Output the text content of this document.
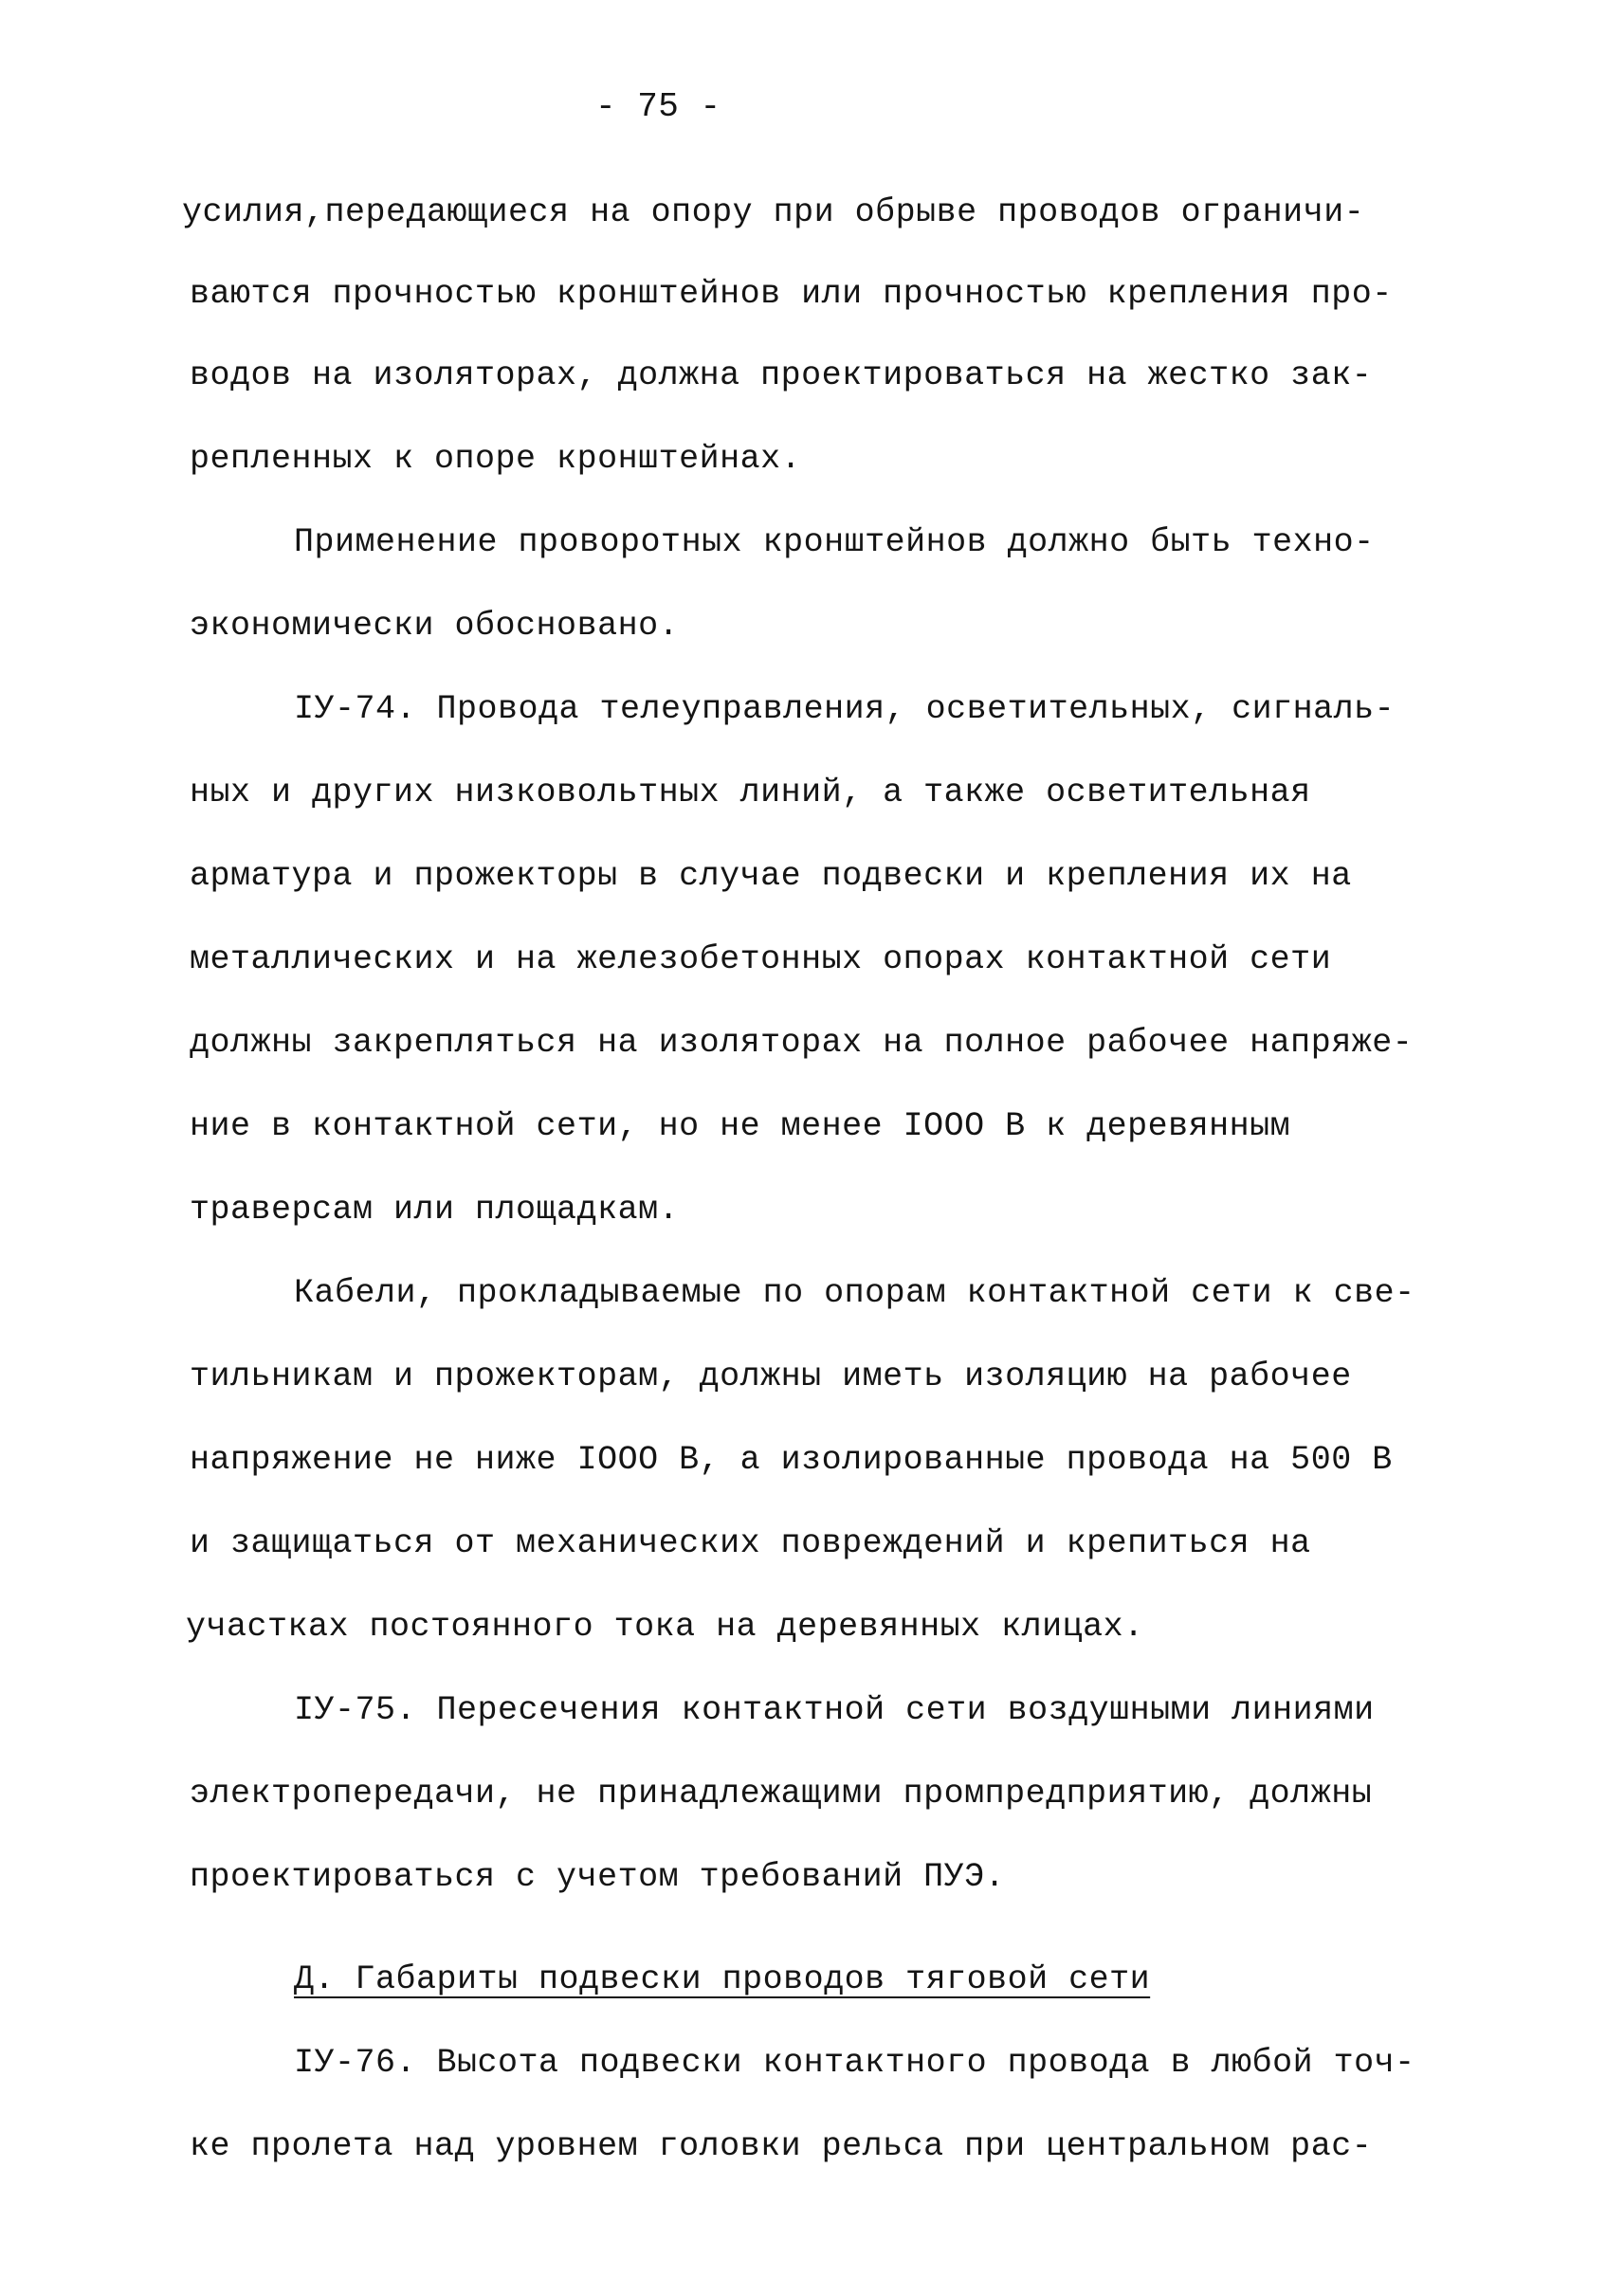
- 75 -
усилия,передающиеся на опору при обрыве проводов ограничи-
ваются прочностью кронштейнов или прочностью крепления про-
водов на изоляторах, должна проектироваться на жестко зак-
репленных к опоре кронштейнах.
Применение проворотных кронштейнов должно быть техно-
экономически обосновано.
IУ-74. Провода телеуправления, осветительных, сигналь-
ных и других низковольтных линий, а также осветительная
арматура и прожекторы в случае подвески и крепления их на
металлических и на железобетонных опорах контактной сети
должны закрепляться на изоляторах на полное рабочее напряже-
ние в контактной сети, но не менее IOOO В к деревянным
траверсам или площадкам.
Кабели, прокладываемые по опорам контактной сети к све-
тильникам и прожекторам, должны иметь изоляцию на рабочее
напряжение не ниже IOOO В, а изолированные провода на 500 В
и защищаться от механических повреждений и крепиться на
участках постоянного тока на деревянных клицах.
IУ-75. Пересечения контактной сети воздушными линиями
электропередачи, не принадлежащими промпредприятию, должны
проектироваться с учетом требований ПУЭ.
Д. Габариты подвески проводов тяговой сети
IУ-76. Высота подвески контактного провода в любой точ-
ке пролета над уровнем головки рельса при центральном рас-
